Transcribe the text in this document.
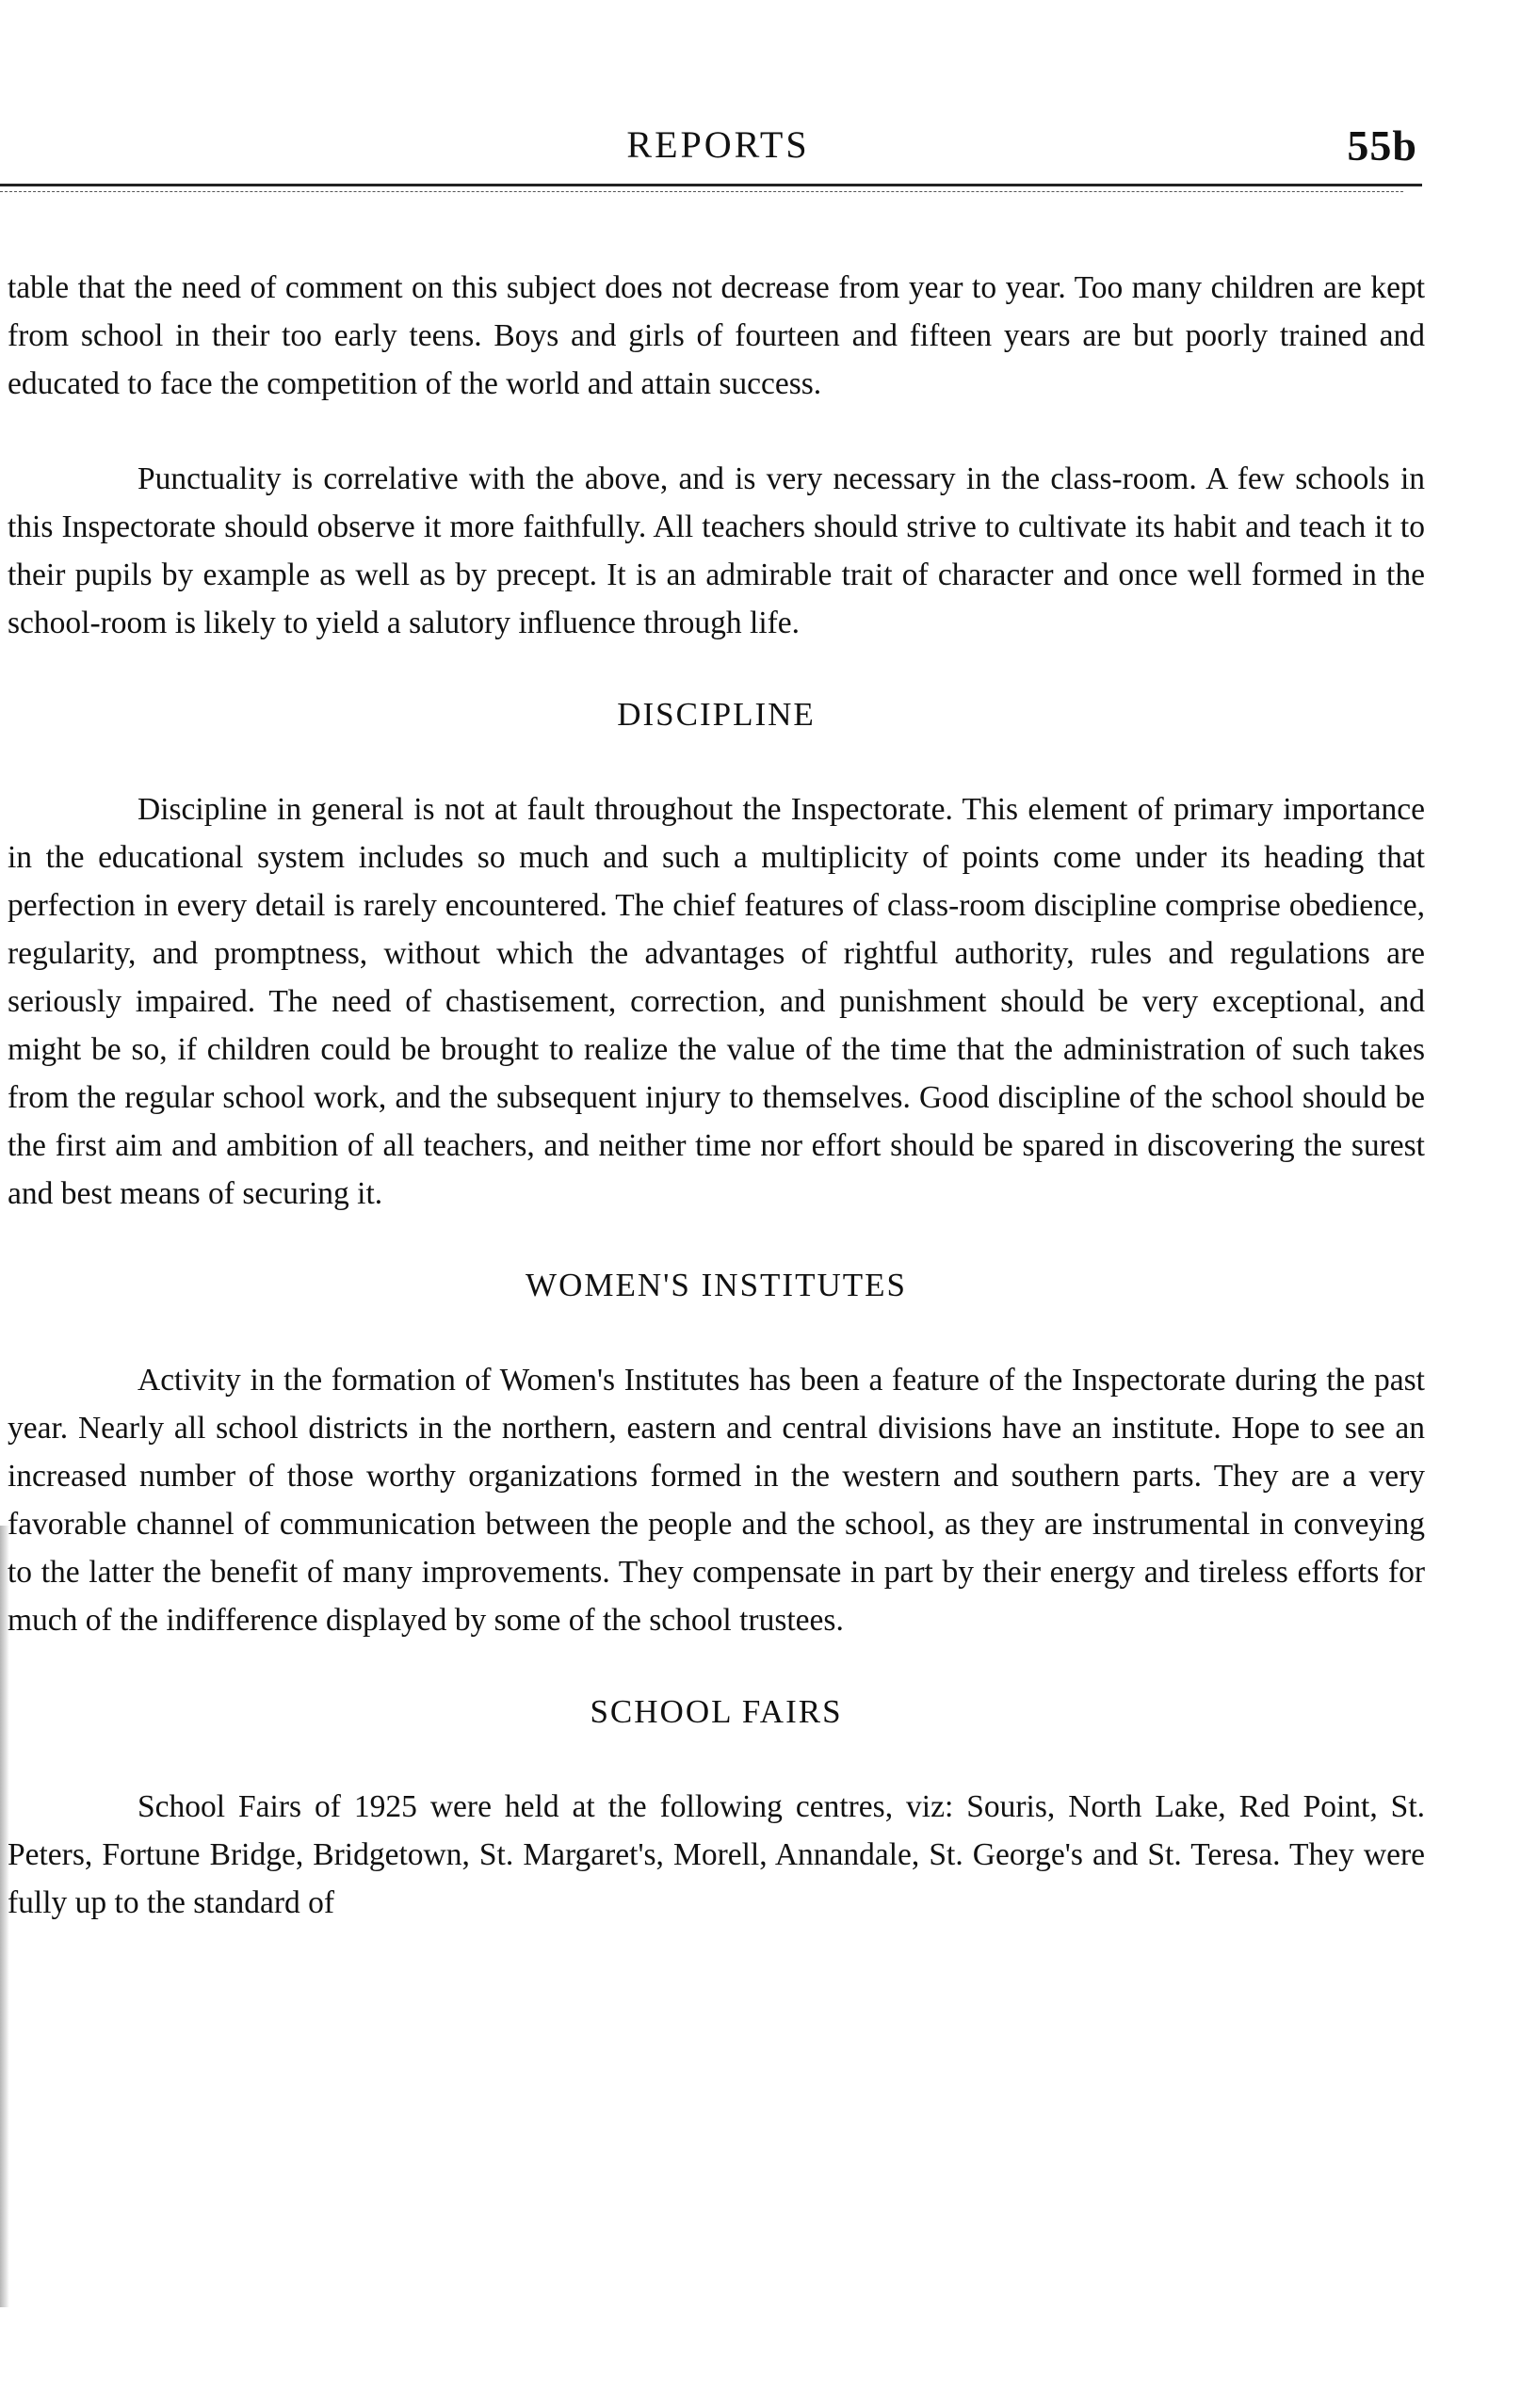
REPORTS	55b

table that the need of comment on this subject does not decrease from year to year. Too many children are kept from school in their too early teens. Boys and girls of fourteen and fifteen years are but poorly trained and educated to face the competition of the world and attain success.

Punctuality is correlative with the above, and is very necessary in the class-room. A few schools in this Inspectorate should observe it more faithfully. All teachers should strive to cultivate its habit and teach it to their pupils by example as well as by precept. It is an admirable trait of character and once well formed in the school-room is likely to yield a salutory influence through life.

DISCIPLINE

Discipline in general is not at fault throughout the Inspectorate. This element of primary importance in the educational system includes so much and such a multiplicity of points come under its heading that perfection in every detail is rarely encountered. The chief features of class-room discipline comprise obedience, regularity, and promptness, without which the advantages of rightful authority, rules and regulations are seriously impaired. The need of chastisement, correction, and punishment should be very exceptional, and might be so, if children could be brought to realize the value of the time that the administration of such takes from the regular school work, and the subsequent injury to themselves. Good discipline of the school should be the first aim and ambition of all teachers, and neither time nor effort should be spared in discovering the surest and best means of securing it.

WOMEN'S INSTITUTES

Activity in the formation of Women's Institutes has been a feature of the Inspectorate during the past year. Nearly all school districts in the northern, eastern and central divisions have an institute. Hope to see an increased number of those worthy organizations formed in the western and southern parts. They are a very favorable channel of communication between the people and the school, as they are instrumental in conveying to the latter the benefit of many improvements. They compensate in part by their energy and tireless efforts for much of the indifference displayed by some of the school trustees.

SCHOOL FAIRS

School Fairs of 1925 were held at the following centres, viz: Souris, North Lake, Red Point, St. Peters, Fortune Bridge, Bridgetown, St. Margaret's, Morell, Annandale, St. George's and St. Teresa. They were fully up to the standard of
